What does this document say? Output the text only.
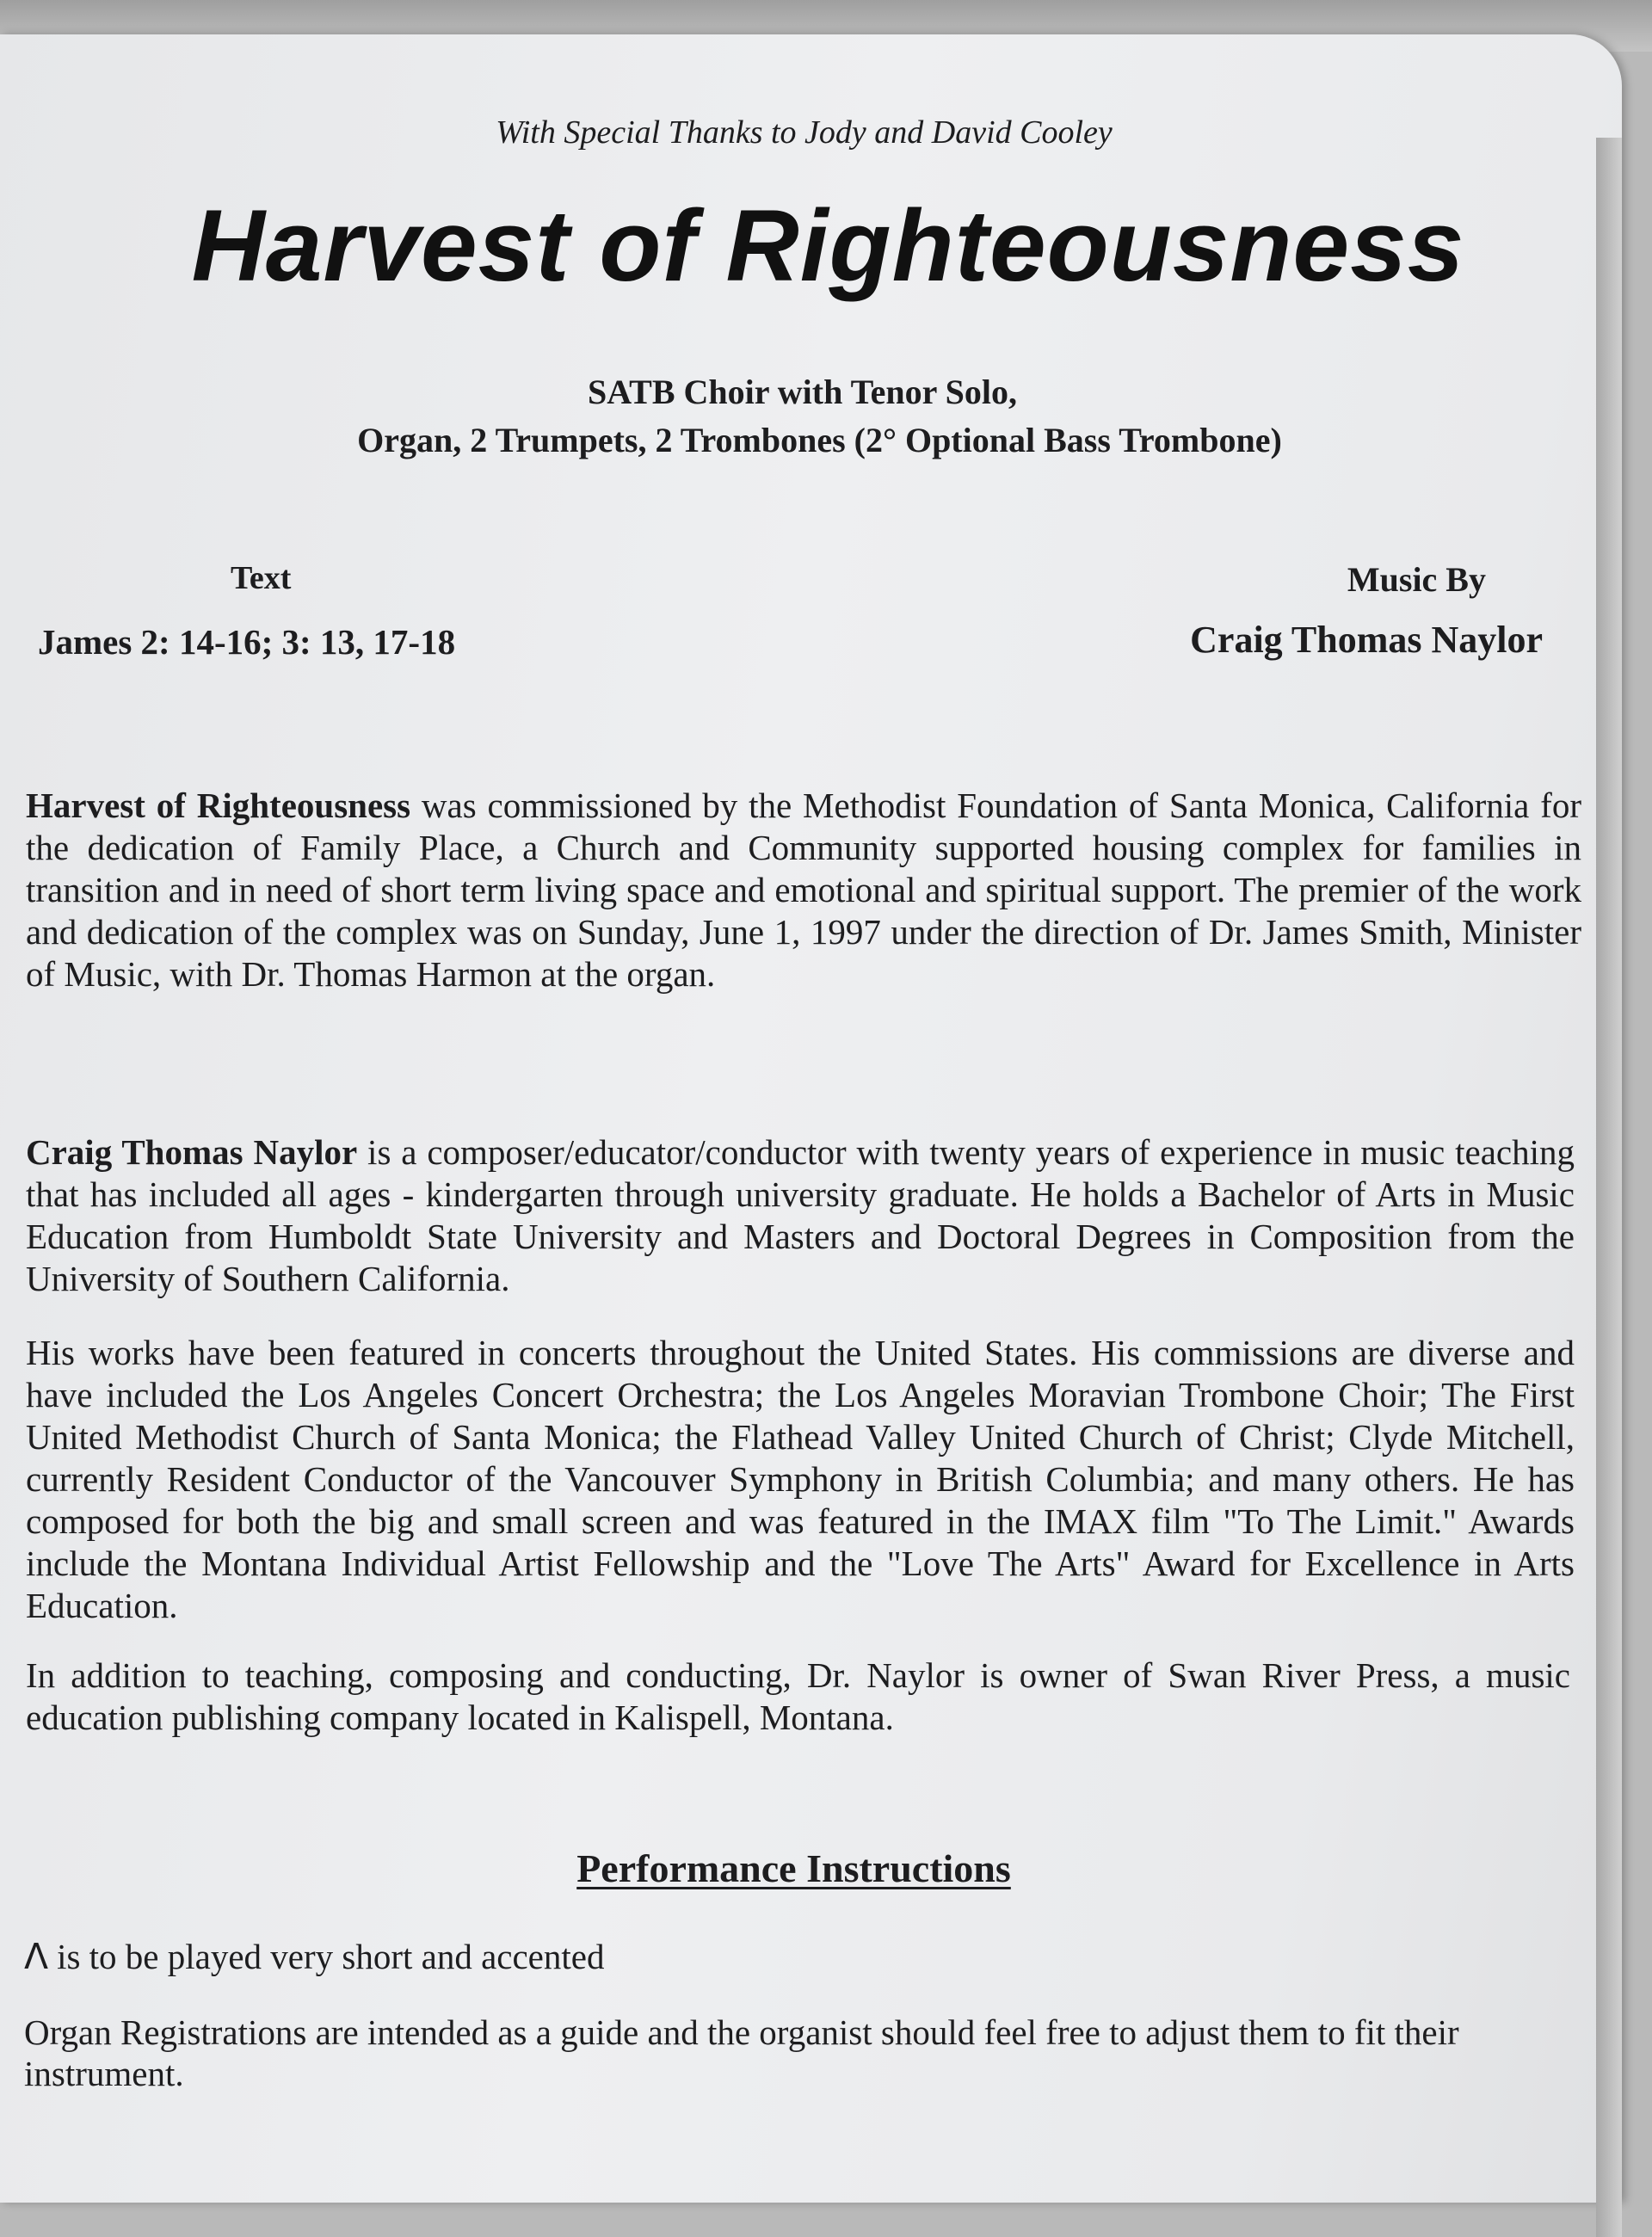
With Special Thanks to Jody and David Cooley
Harvest of Righteousness
SATB Choir with Tenor Solo,
Organ, 2 Trumpets, 2 Trombones (2° Optional Bass Trombone)
Text
James 2: 14-16; 3: 13, 17-18
Music By
Craig Thomas Naylor

Harvest of Righteousness was commissioned by the Methodist Foundation of Santa Monica, California for the dedication of Family Place, a Church and Community supported housing complex for families in transition and in need of short term living space and emotional and spiritual support. The premier of the work and dedication of the complex was on Sunday, June 1, 1997 under the direction of Dr. James Smith, Minister of Music, with Dr. Thomas Harmon at the organ.

Craig Thomas Naylor is a composer/educator/conductor with twenty years of experience in music teaching that has included all ages - kindergarten through university graduate. He holds a Bachelor of Arts in Music Education from Humboldt State University and Masters and Doctoral Degrees in Composition from the University of Southern California.

His works have been featured in concerts throughout the United States. His commissions are diverse and have included the Los Angeles Concert Orchestra; the Los Angeles Moravian Trombone Choir; The First United Methodist Church of Santa Monica; the Flathead Valley United Church of Christ; Clyde Mitchell, currently Resident Conductor of the Vancouver Symphony in British Columbia; and many others. He has composed for both the big and small screen and was featured in the IMAX film "To The Limit." Awards include the Montana Individual Artist Fellowship and the "Love The Arts" Award for Excellence in Arts Education.

In addition to teaching, composing and conducting, Dr. Naylor is owner of Swan River Press, a music education publishing company located in Kalispell, Montana.

Performance Instructions

Λ is to be played very short and accented

Organ Registrations are intended as a guide and the organist should feel free to adjust them to fit their instrument.
